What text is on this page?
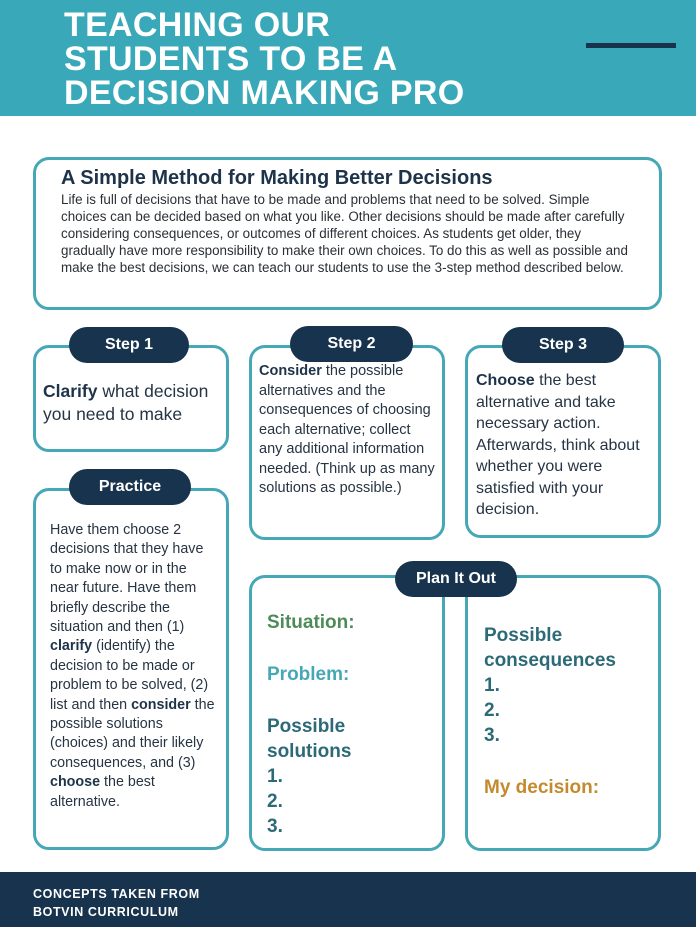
TEACHING OUR
STUDENTS TO BE A
DECISION MAKING PRO
A Simple Method for Making Better Decisions
Life is full of decisions that have to be made and problems that need to be solved. Simple choices can be decided based on what you like. Other decisions should be made after carefully considering consequences, or outcomes of different choices. As students get older, they gradually have more responsibility to make their own choices. To do this as well as possible and make the best decisions, we can teach our students to use the 3-step method described below.
Clarify what decision you need to make
Step 1
Consider the possible alternatives and the consequences of choosing each alternative; collect any additional information needed. (Think up as many solutions as possible.)
Step 2
Choose the best alternative and take necessary action. Afterwards, think about whether you were satisfied with your decision.
Step 3
Have them choose 2 decisions that they have to make now or in the near future. Have them briefly describe the situation and then (1) clarify (identify) the decision to be made or problem to be solved, (2) list and then consider the possible solutions (choices) and their likely consequences, and (3) choose the best alternative.
Practice
Situation:
Problem:
Possible
solutions
1.
2.
3.
Possible
consequences
1.
2.
3.
My decision:
Plan It Out
CONCEPTS TAKEN FROM
BOTVIN CURRICULUM
